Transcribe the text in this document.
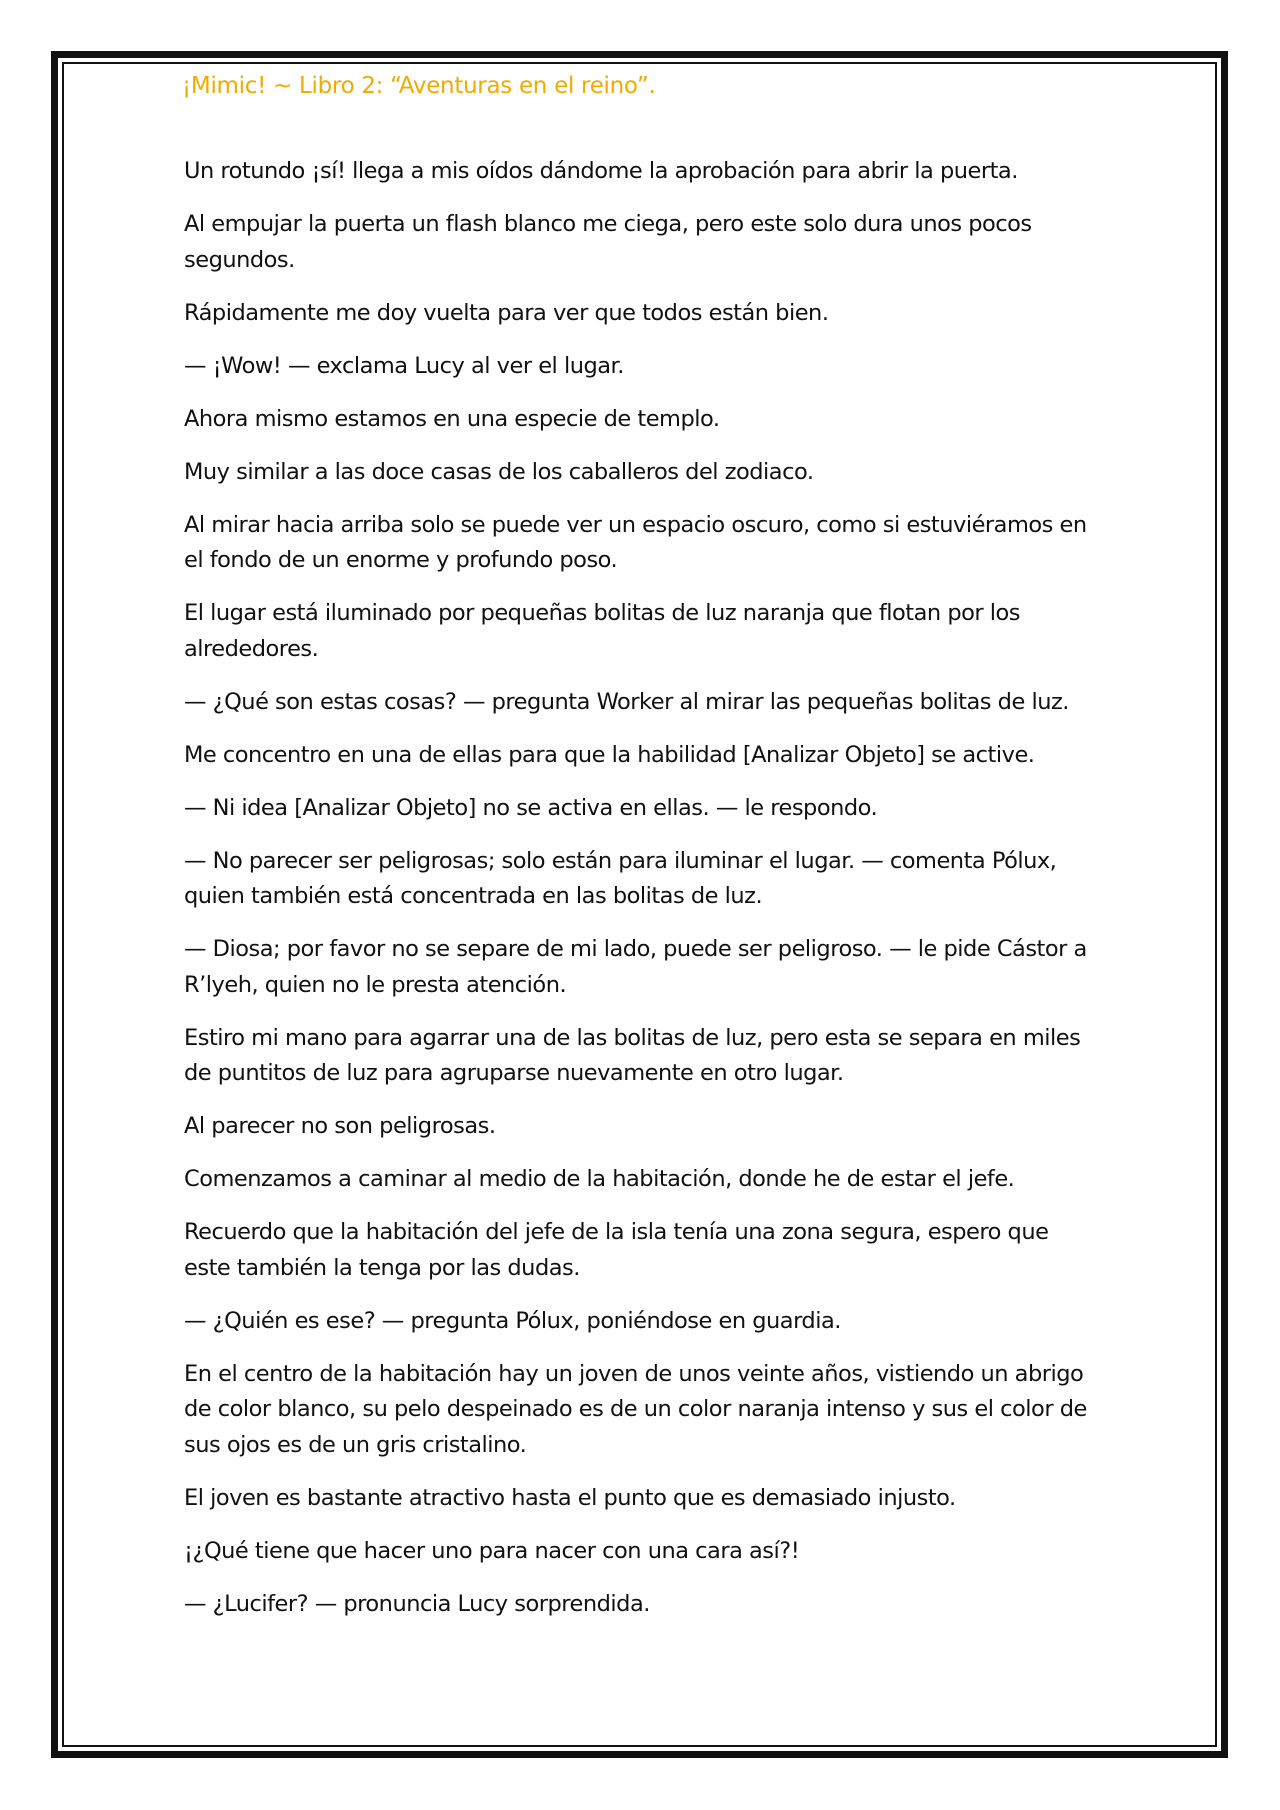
¡Mimic! ~ Libro 2: “Aventuras en el reino”.

Un rotundo ¡sí! llega a mis oídos dándome la aprobación para abrir la puerta.

Al empujar la puerta un flash blanco me ciega, pero este solo dura unos pocos segundos.

Rápidamente me doy vuelta para ver que todos están bien.

— ¡Wow! — exclama Lucy al ver el lugar.

Ahora mismo estamos en una especie de templo.

Muy similar a las doce casas de los caballeros del zodiaco.

Al mirar hacia arriba solo se puede ver un espacio oscuro, como si estuviéramos en el fondo de un enorme y profundo poso.

El lugar está iluminado por pequeñas bolitas de luz naranja que flotan por los alrededores.

— ¿Qué son estas cosas? — pregunta Worker al mirar las pequeñas bolitas de luz.

Me concentro en una de ellas para que la habilidad [Analizar Objeto] se active.

— Ni idea [Analizar Objeto] no se activa en ellas. — le respondo.

— No parecer ser peligrosas; solo están para iluminar el lugar. — comenta Pólux, quien también está concentrada en las bolitas de luz.

— Diosa; por favor no se separe de mi lado, puede ser peligroso. — le pide Cástor a R’lyeh, quien no le presta atención.

Estiro mi mano para agarrar una de las bolitas de luz, pero esta se separa en miles de puntitos de luz para agruparse nuevamente en otro lugar.

Al parecer no son peligrosas.

Comenzamos a caminar al medio de la habitación, donde he de estar el jefe.

Recuerdo que la habitación del jefe de la isla tenía una zona segura, espero que este también la tenga por las dudas.

— ¿Quién es ese? — pregunta Pólux, poniéndose en guardia.

En el centro de la habitación hay un joven de unos veinte años, vistiendo un abrigo de color blanco, su pelo despeinado es de un color naranja intenso y sus el color de sus ojos es de un gris cristalino.

El joven es bastante atractivo hasta el punto que es demasiado injusto.

¡¿Qué tiene que hacer uno para nacer con una cara así?!

— ¿Lucifer? — pronuncia Lucy sorprendida.
